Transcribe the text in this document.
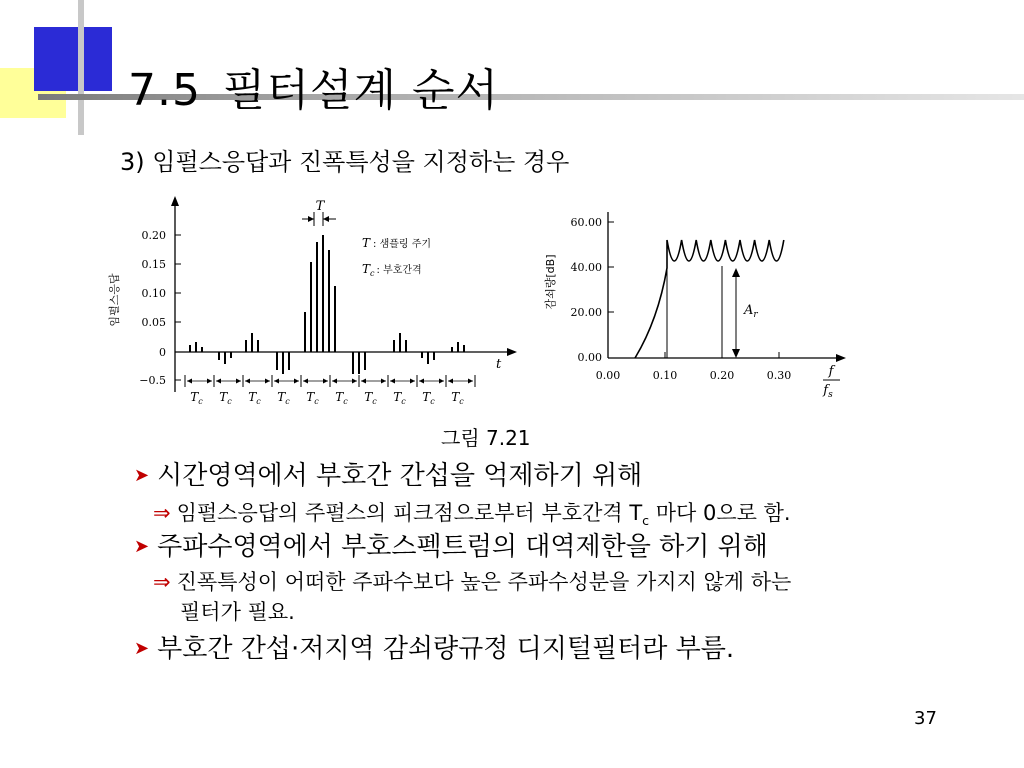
7.5 필터설계 순서
3) 임펄스응답과 진폭특성을 지정하는 경우
0.20
0.15
0.10
0.05
0
−0.5
임펄스응답
t
T
T : 샘플링 주기
$T_c$ $^{: 부호간격}$
$T_c$ $T_c$ $T_c$ $T_c$ $T_c$ $T_c$ $T_c$ $T_c$ $T_c$ $T_c$
60.00
40.00
20.00
0.00
0.00	0.10	0.20	0.30
감쇠량[dB]
$A_r$
f
$f_s$
그림 7.21
➤ 시간영역에서 부호간 간섭을 억제하기 위해
⇒ 임펄스응답의 주펄스의 피크점으로부터 부호간격 $T_c$ 마다 0으로 함.
➤ 주파수영역에서 부호스펙트럼의 대역제한을 하기 위해
⇒ 진폭특성이 어떠한 주파수보다 높은 주파수성분을 가지지 않게 하는
필터가 필요.
➤ 부호간 간섭·저지역 감쇠량규정 디지털필터라 부름.
37
